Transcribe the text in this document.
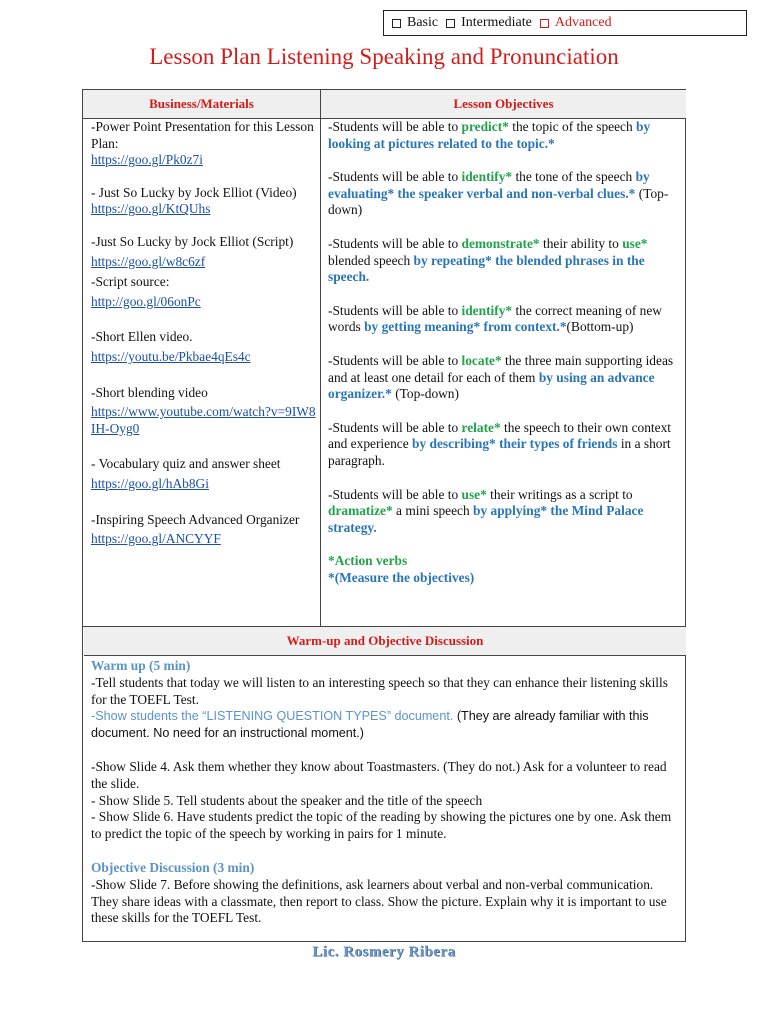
Basic Intermediate Advanced
Lesson Plan Listening Speaking and Pronunciation
Business/Materials	Lesson Objectives

-Power Point Presentation for this Lesson Plan:

https://goo.gl/Pk0z7i

- Just So Lucky by Jock Elliot (Video)

https://goo.gl/KtQUhs

-Just So Lucky by Jock Elliot (Script)

https://goo.gl/w8c6zf

-Script source:

http://goo.gl/06onPc

-Short Ellen video.

https://youtu.be/Pkbae4qEs4c

-Short blending video

https://www.youtube.com/watch?v=9IW8IH-Oyg0

- Vocabulary quiz and answer sheet

https://goo.gl/hAb8Gi

-Inspiring Speech Advanced Organizer

https://goo.gl/ANCYYF

-Students will be able to predict* the topic of the speech by looking at pictures related to the topic.*

-Students will be able to identify* the tone of the speech by evaluating* the speaker verbal and non-verbal clues.* (Top-down)

-Students will be able to demonstrate* their ability to use* blended speech by repeating* the blended phrases in the speech.

-Students will be able to identify* the correct meaning of new words by getting meaning* from context.*(Bottom-up)

-Students will be able to locate* the three main supporting ideas and at least one detail for each of them by using an advance organizer.* (Top-down)

-Students will be able to relate* the speech to their own context and experience by describing* their types of friends in a short paragraph.

-Students will be able to use* their writings as a script to dramatize* a mini speech by applying* the Mind Palace strategy.

*Action verbs

*(Measure the objectives)

Warm-up and Objective Discussion

Warm up (5 min)

-Tell students that today we will listen to an interesting speech so that they can enhance their listening skills for the TOEFL Test.

-Show students the “LISTENING QUESTION TYPES” document. (They are already familiar with this document. No need for an instructional moment.)

-Show Slide 4. Ask them whether they know about Toastmasters. (They do not.) Ask for a volunteer to read the slide.

- Show Slide 5. Tell students about the speaker and the title of the speech

- Show Slide 6. Have students predict the topic of the reading by showing the pictures one by one. Ask them to predict the topic of the speech by working in pairs for 1 minute.

Objective Discussion (3 min)

-Show Slide 7. Before showing the definitions, ask learners about verbal and non-verbal communication. They share ideas with a classmate, then report to class. Show the picture. Explain why it is important to use these skills for the TOEFL Test.

Lic. Rosmery Ribera
